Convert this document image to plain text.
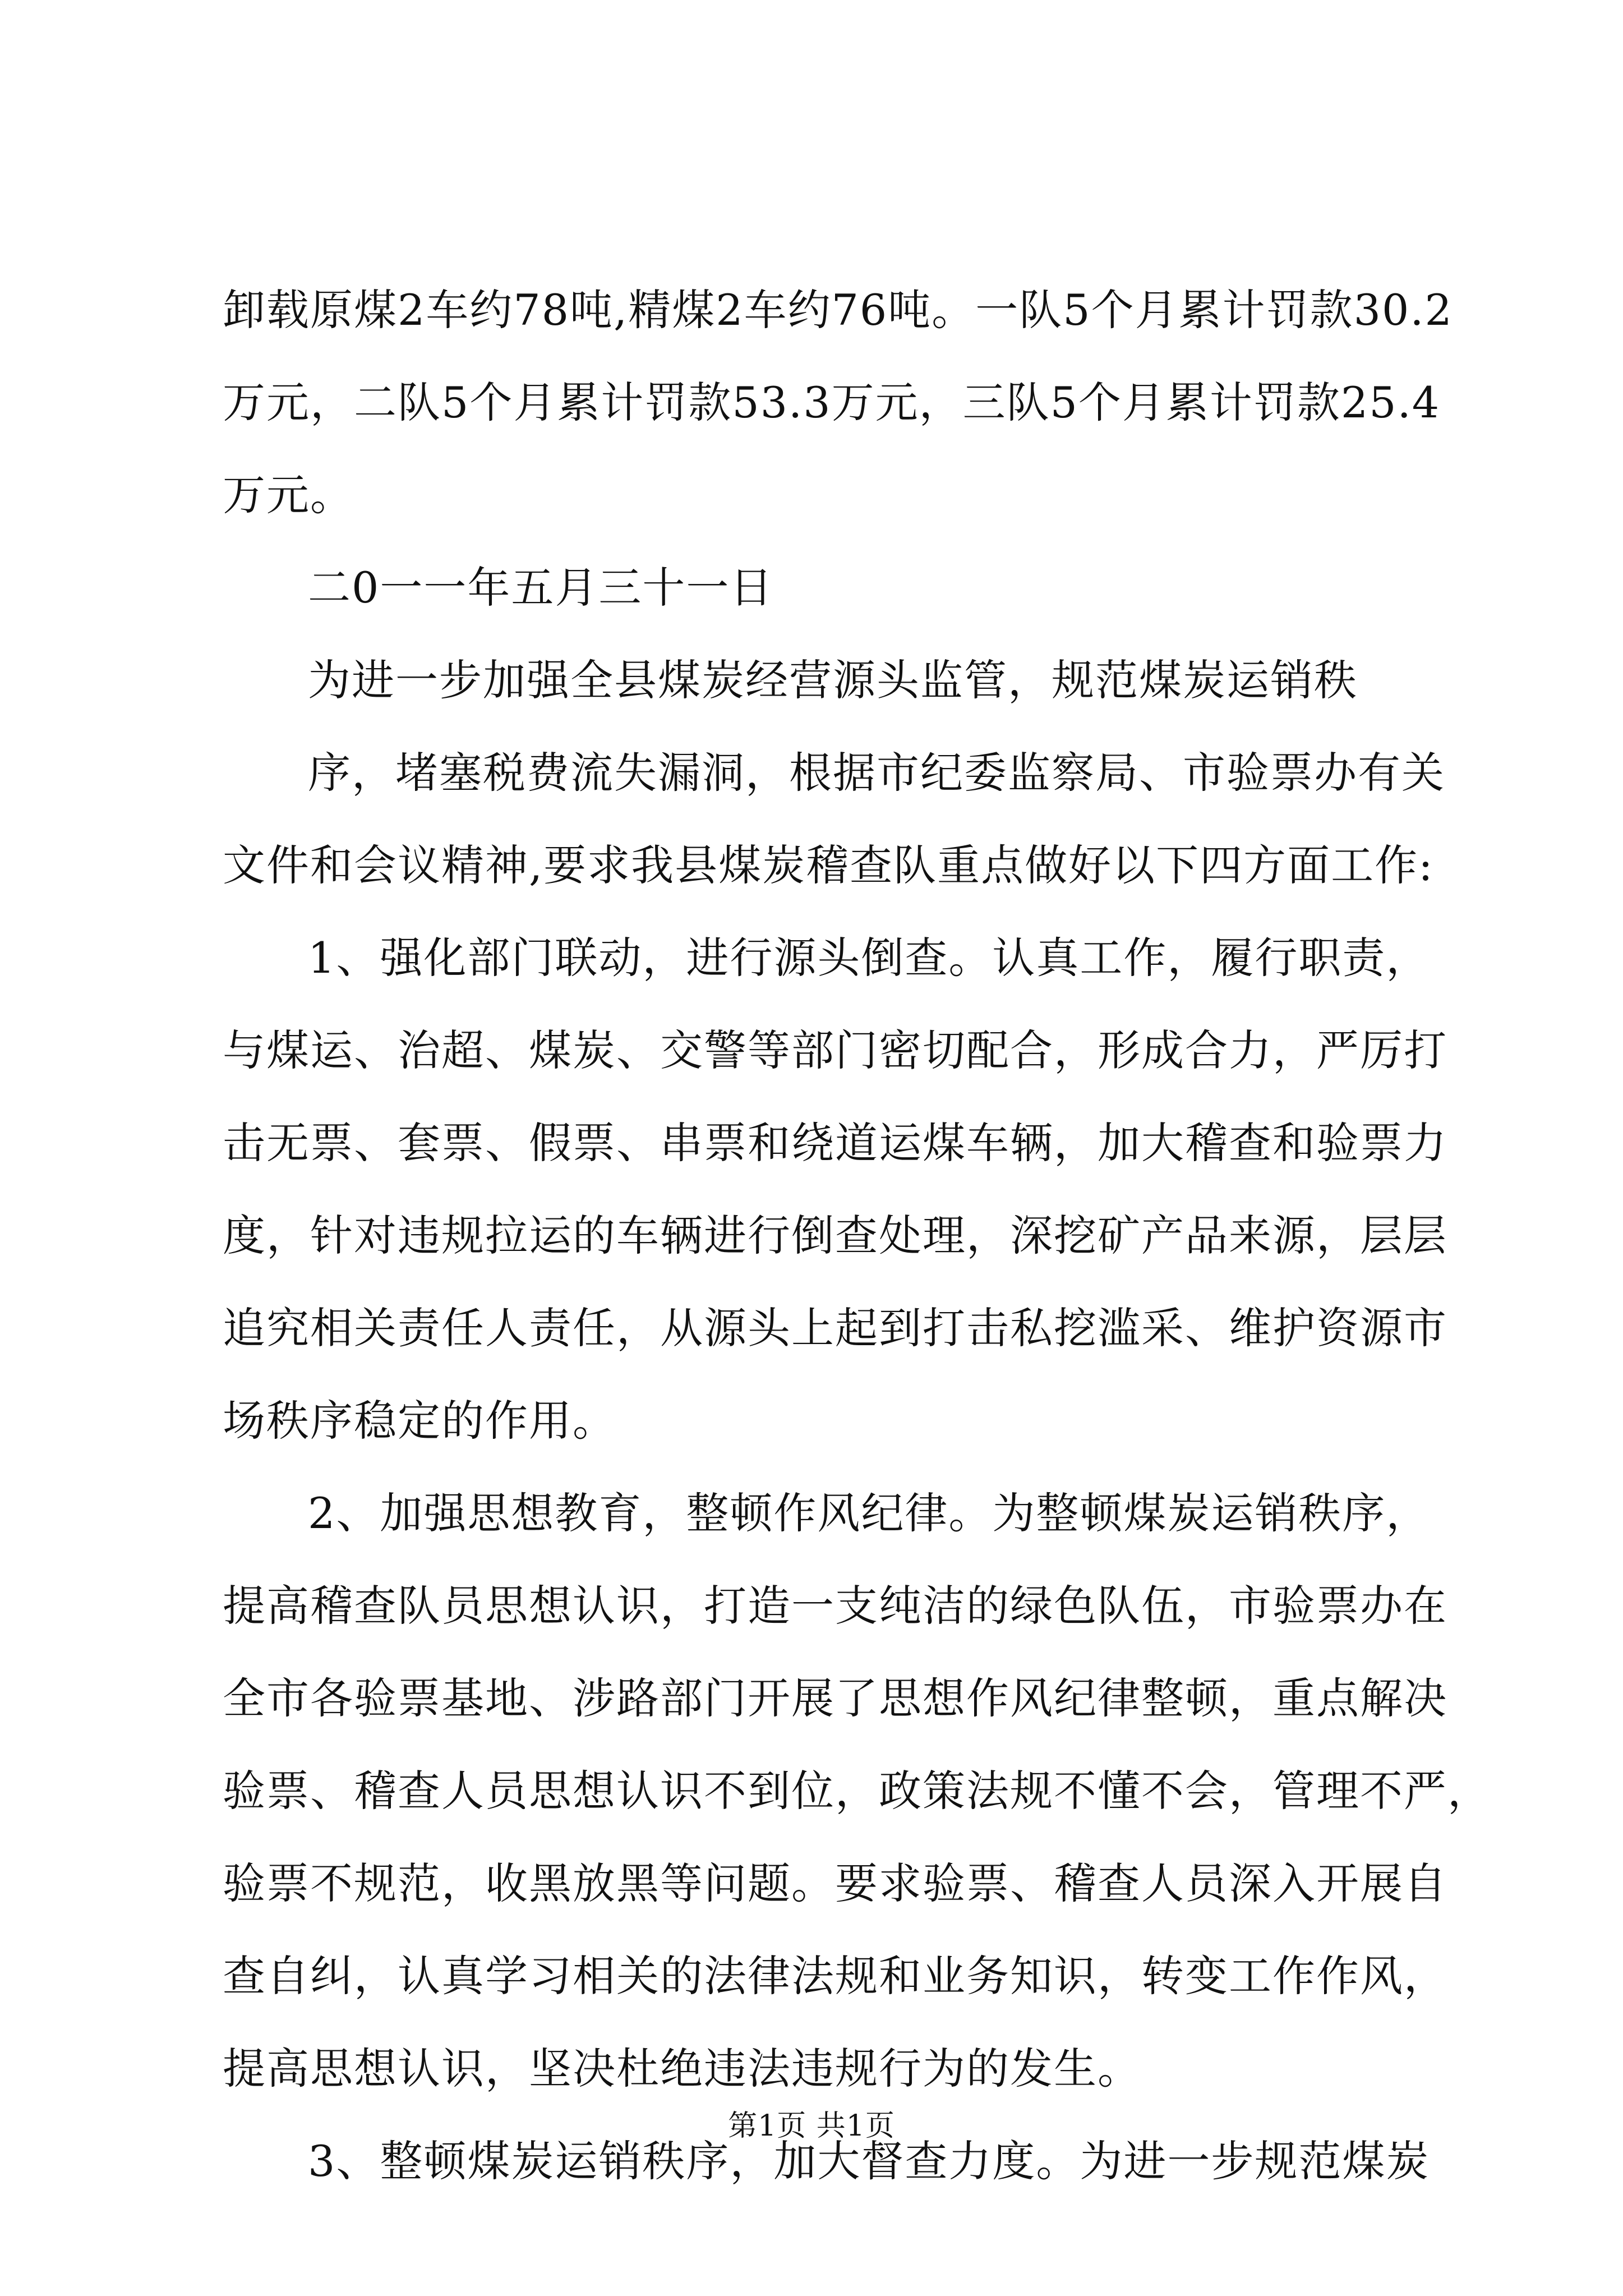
卸载原煤2车约78吨,精煤2车约76吨。一队5个月累计罚款30.2
万元，二队5个月累计罚款53.3万元，三队5个月累计罚款25.4
万元。
二0一一年五月三十一日
为进一步加强全县煤炭经营源头监管，规范煤炭运销秩
序，堵塞税费流失漏洞，根据市纪委监察局、市验票办有关
文件和会议精神,要求我县煤炭稽查队重点做好以下四方面工作:
1、强化部门联动，进行源头倒查。认真工作，履行职责，
与煤运、治超、煤炭、交警等部门密切配合，形成合力，严厉打
击无票、套票、假票、串票和绕道运煤车辆，加大稽查和验票力
度，针对违规拉运的车辆进行倒查处理，深挖矿产品来源，层层
追究相关责任人责任，从源头上起到打击私挖滥采、维护资源市
场秩序稳定的作用。
2、加强思想教育，整顿作风纪律。为整顿煤炭运销秩序，
提高稽查队员思想认识，打造一支纯洁的绿色队伍，市验票办在
全市各验票基地、涉路部门开展了思想作风纪律整顿，重点解决
验票、稽查人员思想认识不到位，政策法规不懂不会，管理不严，
验票不规范，收黑放黑等问题。要求验票、稽查人员深入开展自
查自纠，认真学习相关的法律法规和业务知识，转变工作作风，
提高思想认识，坚决杜绝违法违规行为的发生。
3、整顿煤炭运销秩序，加大督查力度。为进一步规范煤炭
第1页 共1页
